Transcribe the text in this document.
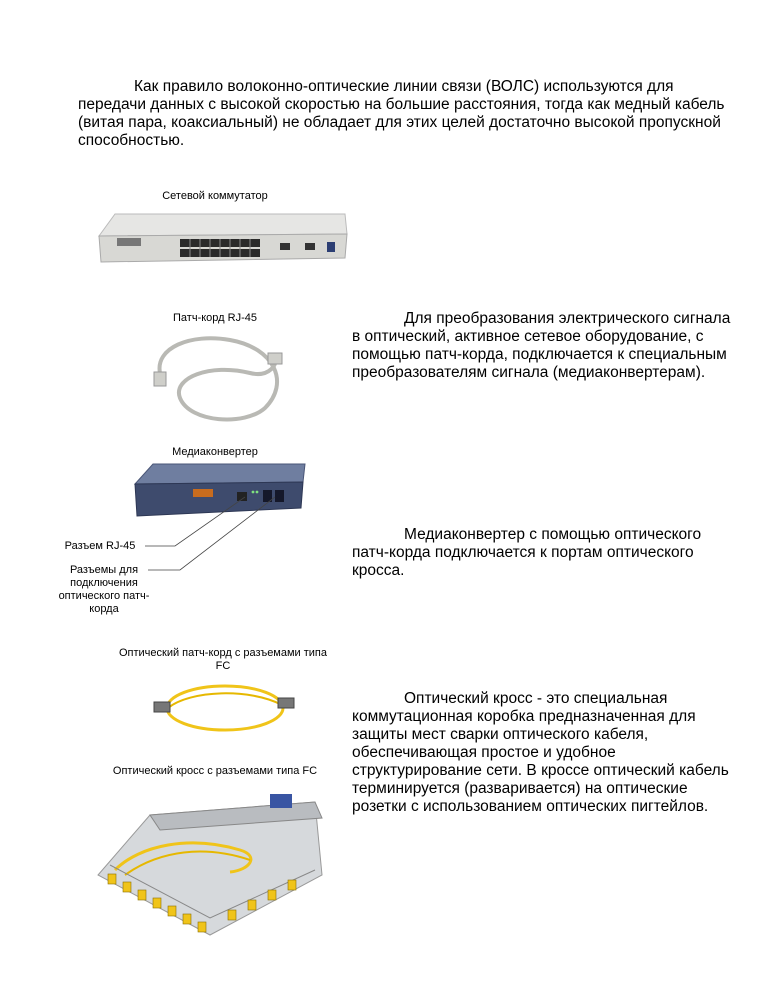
Как правило волоконно-оптические линии связи (ВОЛС) используются для передачи данных с высокой скоростью на большие расстояния, тогда как медный кабель (витая пара, коаксиальный) не обладает для этих целей достаточно высокой пропускной способностью.
Сетевой коммутатор
Патч-корд RJ-45
Медиаконвертер
Разъем RJ-45
Разъемы для подключения оптического патч-корда
Для преобразования электрического сигнала в оптический, активное сетевое оборудование, с помощью патч-корда, подключается к специальным преобразователям сигнала (медиаконвертерам).
Медиаконвертер с помощью оптического патч-корда подключается к портам оптического кросса.
Оптический патч-корд с разъемами типа FC
Оптический кросс - это специальная коммутационная коробка предназначенная для защиты мест сварки оптического кабеля, обеспечивающая простое и удобное структурирование сети. В кроссе оптический кабель терминируется (разваривается) на оптические розетки с использованием оптических пигтейлов.
Оптический кросс с разъемами типа FC
